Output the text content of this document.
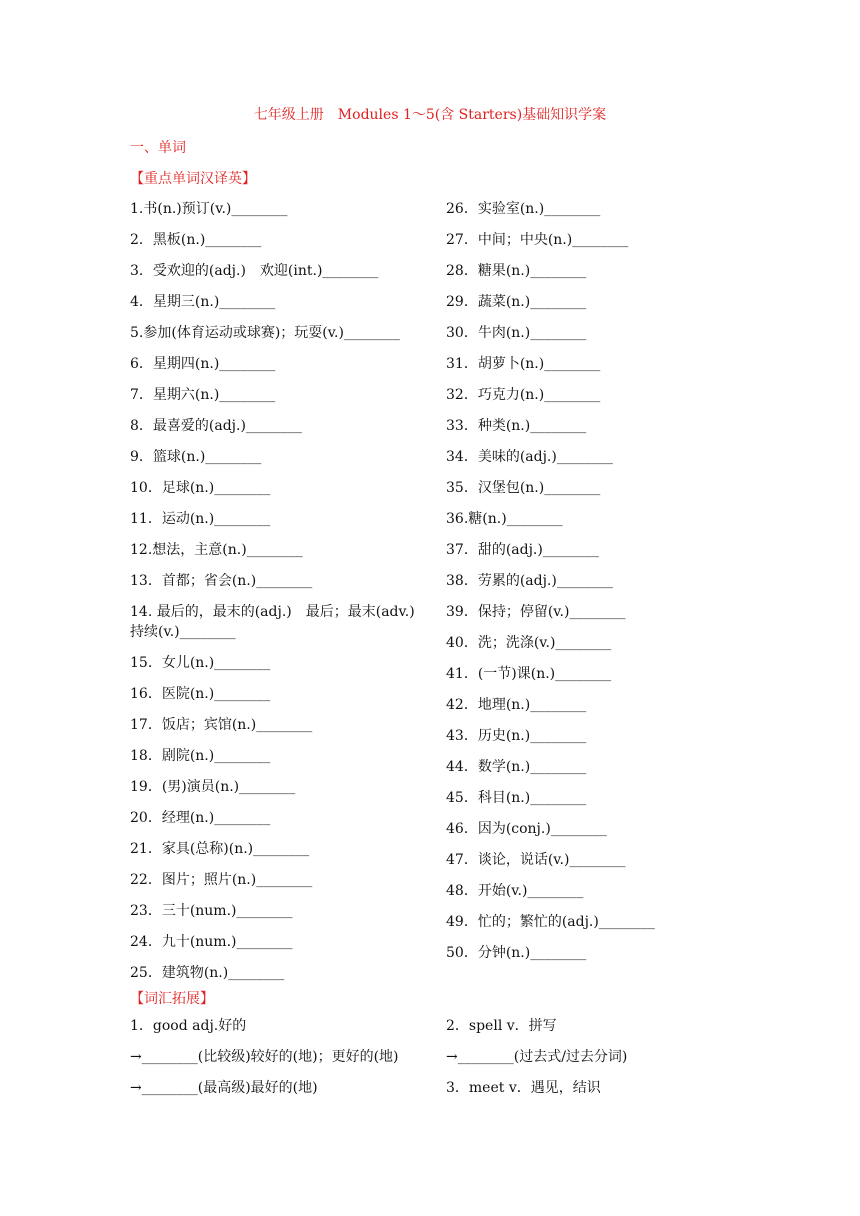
七年级上册　Modules 1～5(含 Starters)基础知识学案
一、单词
【重点单词汉译英】
1.书(n.)预订(v.)________
2．黑板(n.)________
3．受欢迎的(adj.)　欢迎(int.)________
4．星期三(n.)________
5.参加(体育运动或球赛)；玩耍(v.)________
6．星期四(n.)________
7．星期六(n.)________
8．最喜爱的(adj.)________
9．篮球(n.)________
10．足球(n.)________
11．运动(n.)________
12.想法，主意(n.)________
13．首都；省会(n.)________
14. 最后的，最末的(adj.)　最后；最末(adv.)持续(v.)________
15．女儿(n.)________
16．医院(n.)________
17．饭店；宾馆(n.)________
18．剧院(n.)________
19．(男)演员(n.)________
20．经理(n.)________
21．家具(总称)(n.)________
22．图片；照片(n.)________
23．三十(num.)________
24．九十(num.)________
25．建筑物(n.)________
26．实验室(n.)________
27．中间；中央(n.)________
28．糖果(n.)________
29．蔬菜(n.)________
30．牛肉(n.)________
31．胡萝卜(n.)________
32．巧克力(n.)________
33．种类(n.)________
34．美味的(adj.)________
35．汉堡包(n.)________
36.糖(n.)________
37．甜的(adj.)________
38．劳累的(adj.)________
39．保持；停留(v.)________
40．洗；洗涤(v.)________
41．(一节)课(n.)________
42．地理(n.)________
43．历史(n.)________
44．数学(n.)________
45．科目(n.)________
46．因为(conj.)________
47．谈论，说话(v.)________
48．开始(v.)________
49．忙的；繁忙的(adj.)________
50．分钟(n.)________
【词汇拓展】
1．good adj.好的
→________(比较级)较好的(地)；更好的(地)
→________(最高级)最好的(地)
2．spell v．拼写
→________(过去式/过去分词)
3．meet v．遇见，结识
